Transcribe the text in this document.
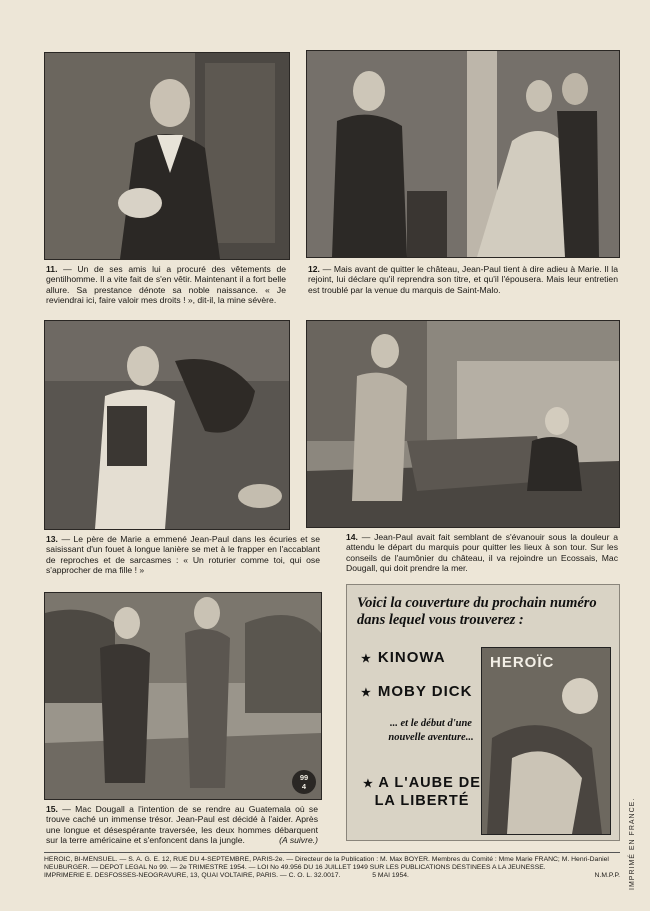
11. — Un de ses amis lui a procuré des vêtements de gentilhomme. Il a vite fait de s'en vêtir. Maintenant il a fort belle allure. Sa prestance dénote sa noble naissance. « Je reviendrai ici, faire valoir mes droits ! », dit-il, la mine sévère.
12. — Mais avant de quitter le château, Jean-Paul tient à dire adieu à Marie. Il la rejoint, lui déclare qu'il reprendra son titre, et qu'il l'épousera. Mais leur entretien est troublé par la venue du marquis de Saint-Malo.
13. — Le père de Marie a emmené Jean-Paul dans les écuries et se saisissant d'un fouet à longue lanière se met à le frapper en l'accablant de reproches et de sarcasmes : « Un roturier comme toi, qui ose s'approcher de ma fille ! »
14. — Jean-Paul avait fait semblant de s'évanouir sous la douleur a attendu le départ du marquis pour quitter les lieux à son tour. Sur les conseils de l'aumônier du château, il va rejoindre un Ecossais, Mac Dougall, qui doit prendre la mer.
99
4
15. — Mac Dougall a l'intention de se rendre au Guatemala où se trouve caché un immense trésor. Jean-Paul est décidé à l'aider. Après une longue et désespérante traversée, les deux hommes débarquent sur la terre américaine et s'enfoncent dans la jungle.	(A suivre.)
Voici la couverture du prochain numéro dans lequel vous trouverez :
★ KINOWA
★ MOBY DICK
... et le début d'une nouvelle aventure...
★ A L'AUBE DE LA LIBERTÉ
HEROÏC
HEROIC, BI-MENSUEL. — S. A. G. E. 12, RUE DU 4-SEPTEMBRE, PARIS-2e. — Directeur de la Publication : M. Max BOYER. Membres du Comité : Mme Marie FRANC; M. Henri-Daniel NEUBURGER. — DEPOT LEGAL No 99. — 2e TRIMESTRE 1954. — LOI No 49.956 DU 16 JUILLET 1949 SUR LES PUBLICATIONS DESTINEES A LA JEUNESSE.
IMPRIMERIE E. DESFOSSES-NEOGRAVURE, 13, QUAI VOLTAIRE, PARIS. — C. O. L. 32.0017.	5 MAI 1954.	N.M.P.P. IMPRIMÉ EN FRANCE.
